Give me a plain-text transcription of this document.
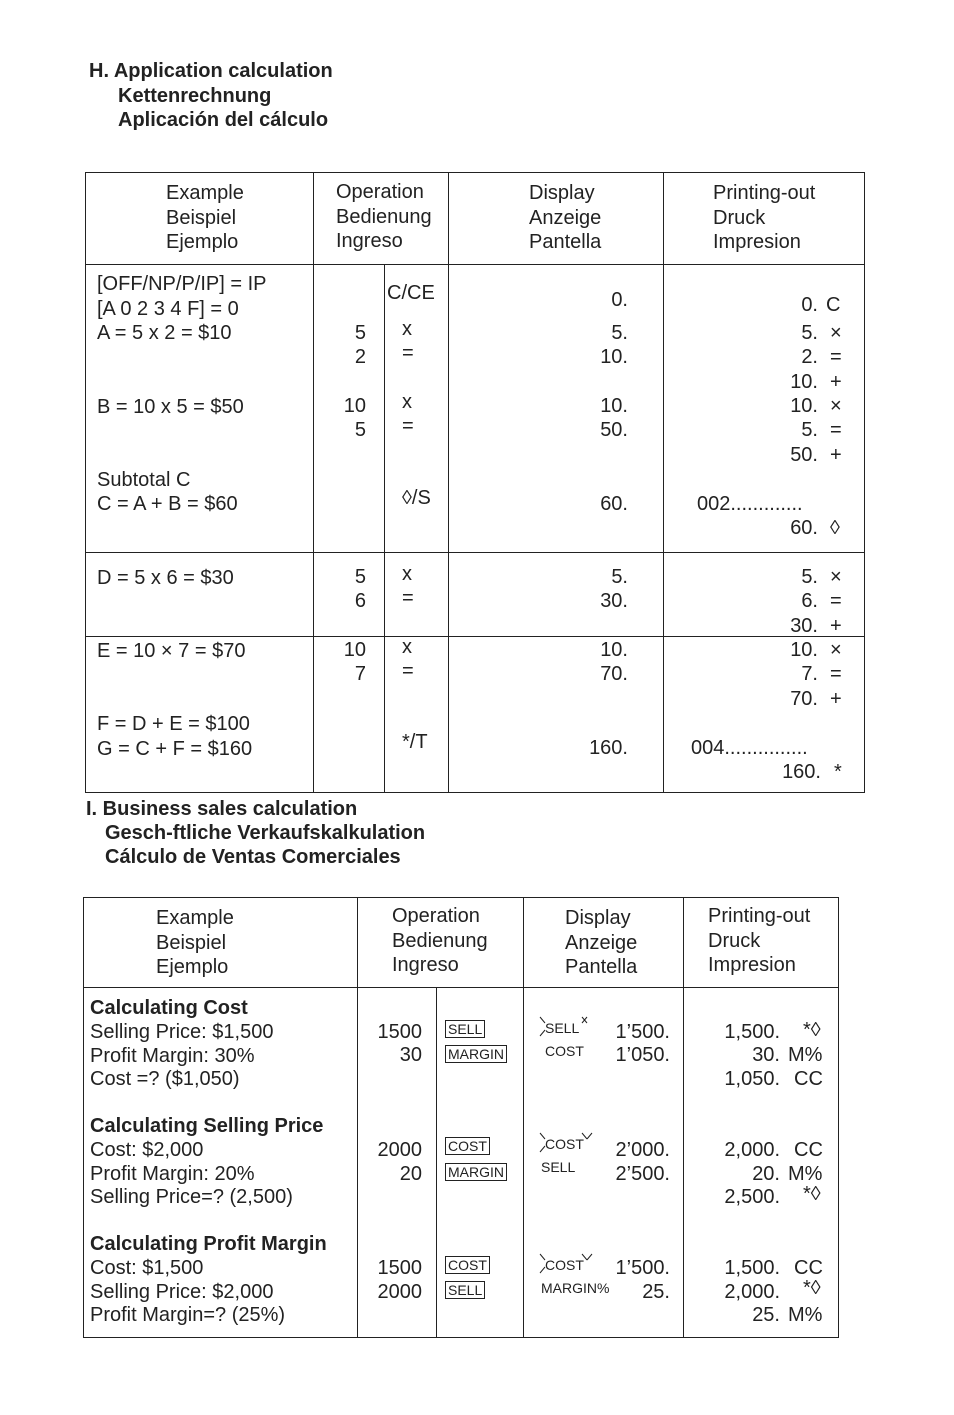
H. Application calculation
Kettenrechnung
Aplicación del cálculo
Example
Beispiel
Ejemplo
Operation
Bedienung
Ingreso
Display
Anzeige
Pantella
Printing-out
Druck
Impresion
[OFF/NP/P/IP] = IP
[A 0 2 3 4 F] = 0
A = 5 x 2 = $10
B = 10 x 5 = $50
Subtotal C
C = A + B = $60
D = 5 x 6 = $30
E = 10 × 7 = $70
F = D + E = $100
G = C + F = $160
5
2
10
5
5
6
10
7
C/CE
x
=
x
=
◊/S
x
=
x
=
*/T
0.
5.
10.
10.
50.
60.
5.
30.
10.
70.
160.
0. C
5. ×
2. =
10. +
10. ×
5. =
50. +
002.............
60. ◊
5. ×
6. =
30. +
10. ×
7. =
70. +
004...............
160. *
I. Business sales calculation
Gesch-ftliche Verkaufskalkulation
Cálculo de Ventas Comerciales
Example
Beispiel
Ejemplo
Operation
Bedienung
Ingreso
Display
Anzeige
Pantella
Printing-out
Druck
Impresion
Calculating Cost
Selling Price: $1,500
Profit Margin: 30%
Cost =? ($1,050)
1500
30
SELL
MARGIN
SELL
COST
1’500.
1’050.
1,500. *◊
30. M%
1,050. CC
Calculating Selling Price
Cost: $2,000
Profit Margin: 20%
Selling Price=? (2,500)
2000
20
COST
MARGIN
COST
SELL
2’000.
2’500.
2,000. CC
20. M%
2,500. *◊
Calculating Profit Margin
Cost: $1,500
Selling Price: $2,000
Profit Margin=? (25%)
1500
2000
COST
SELL
COST
MARGIN%
1’500.
25.
1,500. CC
2,000. *◊
25. M%
